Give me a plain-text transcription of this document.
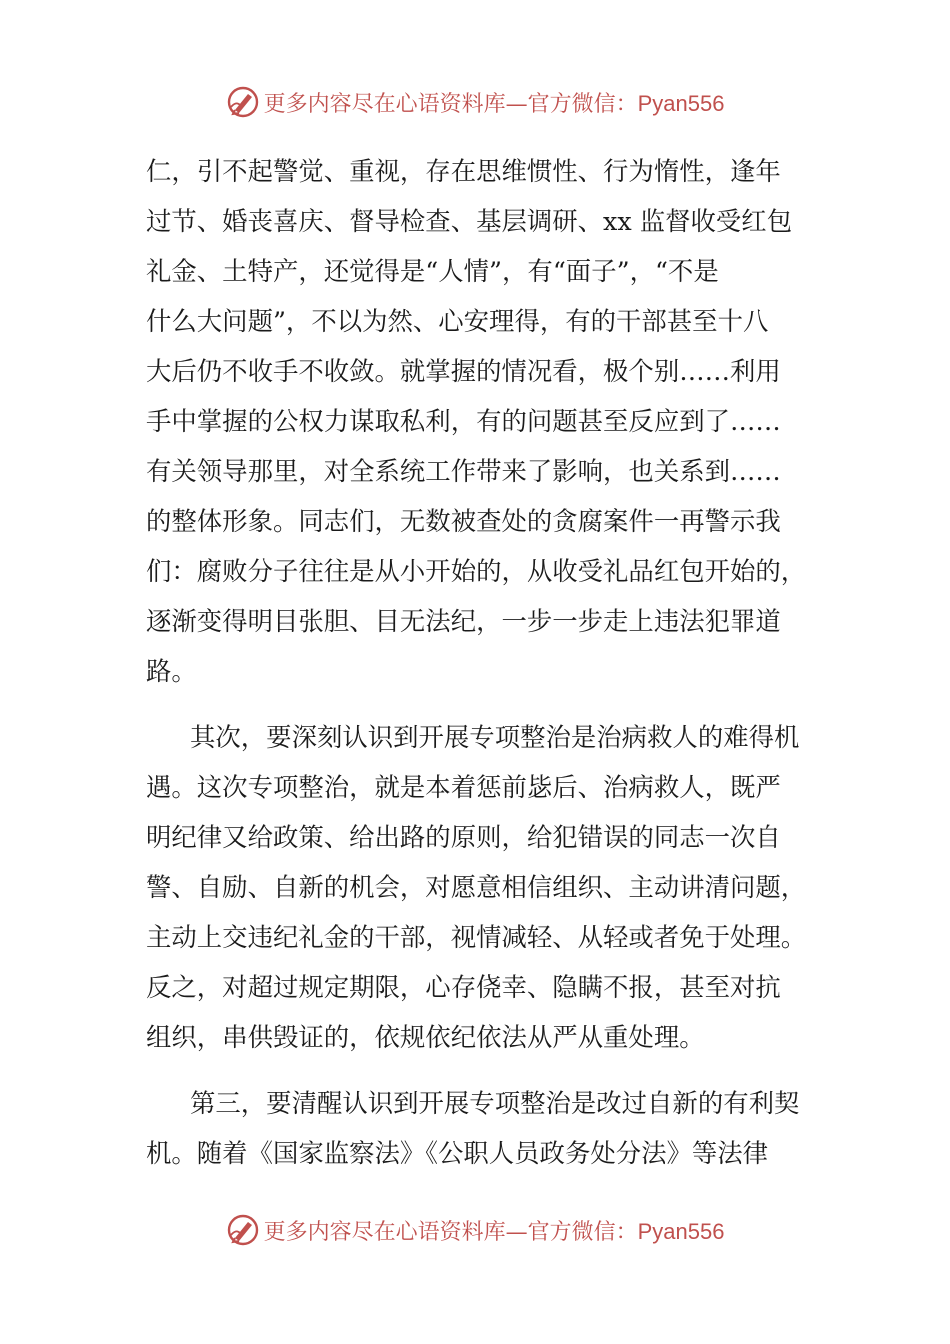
更多内容尽在心语资料库—官方微信：Pyan556
仁，引不起警觉、重视，存在思维惯性、行为惰性，逢年
过节、婚丧喜庆、督导检查、基层调研、xx 监督收受红包
礼金、土特产，还觉得是“人情”，有“面子”，“不是
什么大问题”，不以为然、心安理得，有的干部甚至十八
大后仍不收手不收敛。就掌握的情况看，极个别……利用
手中掌握的公权力谋取私利，有的问题甚至反应到了……
有关领导那里，对全系统工作带来了影响，也关系到……
的整体形象。同志们，无数被查处的贪腐案件一再警示我
们：腐败分子往往是从小开始的，从收受礼品红包开始的，
逐渐变得明目张胆、目无法纪，一步一步走上违法犯罪道
路。
其次，要深刻认识到开展专项整治是治病救人的难得机
遇。这次专项整治，就是本着惩前毖后、治病救人，既严
明纪律又给政策、给出路的原则，给犯错误的同志一次自
警、自励、自新的机会，对愿意相信组织、主动讲清问题，
主动上交违纪礼金的干部，视情减轻、从轻或者免于处理。
反之，对超过规定期限，心存侥幸、隐瞒不报，甚至对抗
组织，串供毁证的，依规依纪依法从严从重处理。
第三，要清醒认识到开展专项整治是改过自新的有利契
机。随着《国家监察法》《公职人员政务处分法》等法律
更多内容尽在心语资料库—官方微信：Pyan556
